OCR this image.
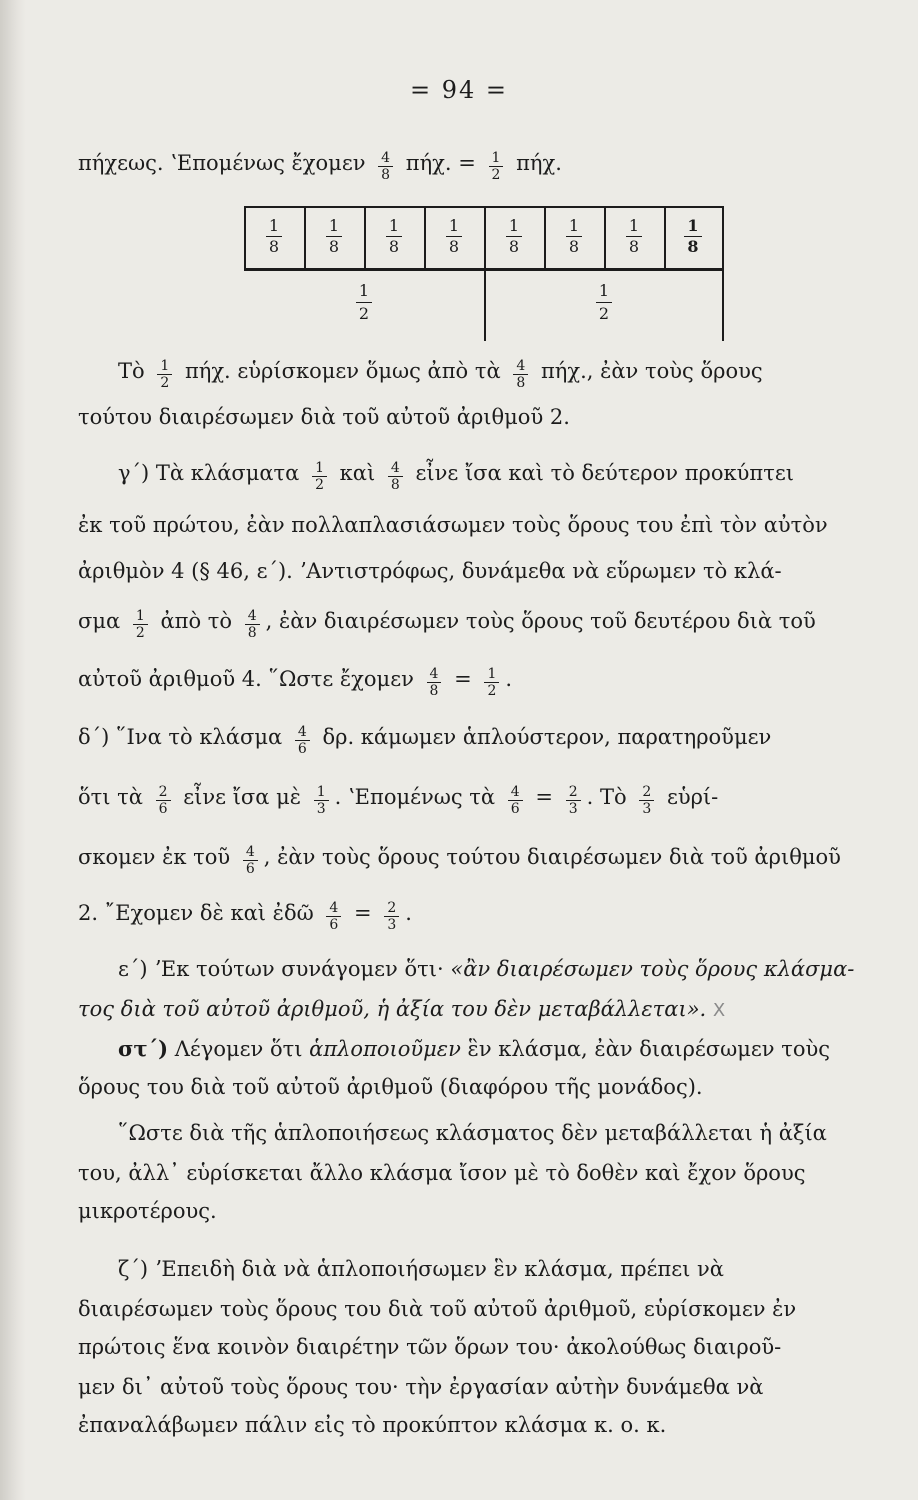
= 94 =
πήχεως. ʽΕπομένως ἔχομεν $\frac{4}{8} \pi ή\chi$. = $\frac{1}{2} \pi ή\chi$.
1
8
1
8
1
8
1
8
1
8
1
8
1
8
1
8
1
2
1
2
Τὸ $\frac{1}{2} \pi ή\chi$. εὑρίσκομεν ὅμως ἀπὸ τὰ $\frac{4}{8} \pi ή\chi$., ἐὰν τοὺς ὅρους
τούτου διαιρέσωμεν διὰ τοῦ αὐτοῦ ἀριθμοῦ 2.
γ΄) Τὰ κλάσματα $\frac{1}{2}$ καὶ $\frac{4}{8}$ εἶνε ἴσα καὶ τὸ δεύτερον προκύπτει
ἐκ τοῦ πρώτου, ἐὰν πολλαπλασιάσωμεν τοὺς ὅρους του ἐπὶ τὸν αὐτὸν
ἀριθμὸν 4 (§ 46, ε΄). ʼΑντιστρόφως, δυνάμεθα νὰ εὕρωμεν τὸ κλά-
σμα $\frac{1}{2}$ ἀπὸ τὸ $\frac{4}{8}$ , ἐὰν διαιρέσωμεν τοὺς ὅρους τοῦ δευτέρου διὰ τοῦ
αὐτοῦ ἀριθμοῦ 4. ῞Ωστε ἔχομεν $\frac{4}{8} = \frac{1}{2}$ .
δ΄) ῞Ινα τὸ κλάσμα $\frac{4}{6} \delta\rho$. κάμωμεν ἁπλούστερον, παρατηροῦμεν
ὅτι τὰ $\frac{2}{6}$ εἶνε ἴσα μὲ $\frac{1}{3}$ . ʽΕπομένως τὰ $\frac{4}{6} = \frac{2}{3}$ . Τὸ $\frac{2}{3}$ εὑρί-
σκομεν ἐκ τοῦ $\frac{4}{6}$ , ἐὰν τοὺς ὅρους τούτου διαιρέσωμεν διὰ τοῦ ἀριθμοῦ
2. ῎Εχομεν δὲ καὶ ἐδῶ $\frac{4}{6} = \frac{2}{3}$ .
ε΄) ʼΕκ τούτων συνάγομεν ὅτι· «ἂν διαιρέσωμεν τοὺς ὅρους κλάσμα-
τος διὰ τοῦ αὐτοῦ ἀριθμοῦ, ἡ ἀξία του δὲν μεταβάλλεται». X
στ΄) Λέγομεν ὅτι ἁπλοποιοῦμεν ἓν κλάσμα, ἐὰν διαιρέσωμεν τοὺς
ὅρους του διὰ τοῦ αὐτοῦ ἀριθμοῦ (διαφόρου τῆς μονάδος).
῞Ωστε διὰ τῆς ἁπλοποιήσεως κλάσματος δὲν μεταβάλλεται ἡ ἀξία
του, ἀλλ᾽ εὑρίσκεται ἄλλο κλάσμα ἴσον μὲ τὸ δοθὲν καὶ ἔχον ὅρους
μικροτέρους.
ζ΄) ʼΕπειδὴ διὰ νὰ ἁπλοποιήσωμεν ἓν κλάσμα, πρέπει νὰ
διαιρέσωμεν τοὺς ὅρους του διὰ τοῦ αὐτοῦ ἀριθμοῦ, εὑρίσκομεν ἐν
πρώτοις ἕνα κοινὸν διαιρέτην τῶν ὅρων του· ἀκολούθως διαιροῦ-
μεν δι᾽ αὐτοῦ τοὺς ὅρους του· τὴν ἐργασίαν αὐτὴν δυνάμεθα νὰ
ἐπαναλάβωμεν πάλιν εἰς τὸ προκύπτον κλάσμα κ. ο. κ.
